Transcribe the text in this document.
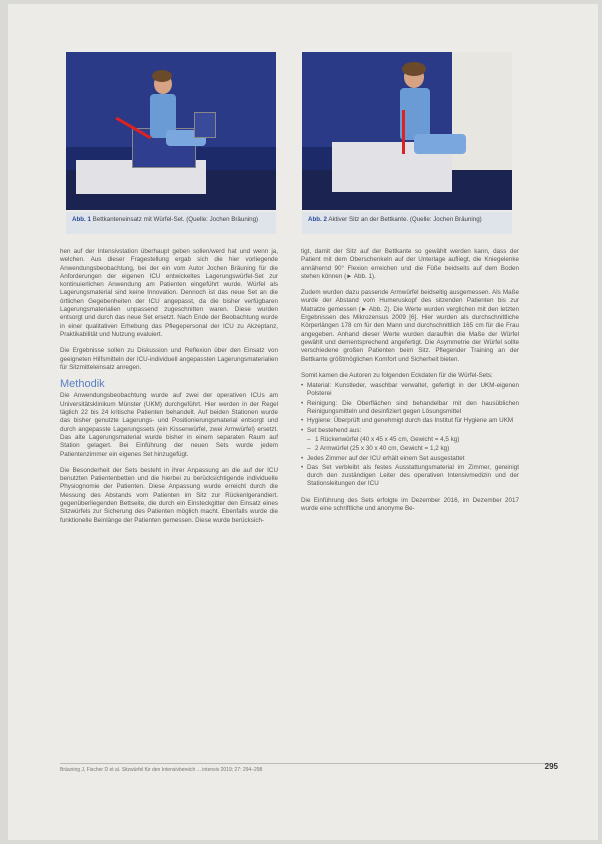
Abb. 1 Bettkanteneinsatz mit Würfel-Set. (Quelle: Jochen Bräuning)	Abb. 2 Aktiver Sitz an der Bettkante. (Quelle: Jochen Bräuning)

hen auf der Intensivstation überhaupt geben sollen/werd hat und wenn ja, welchen. Aus dieser Fragestellung ergab sich die hier vorliegende Anwendungsbeobachtung, bei der ein vom Autor Jochen Bräuning für die Anforderungen der eigenen ICU entwickeltes Lagerungswürfel-Set zur kontinuierlichen Anwendung am Patienten eingeführt wurde. Würfel als Lagerungsmaterial sind keine Innovation. Dennoch ist das neue Set an die örtlichen Gegebenheiten der ICU angepasst, da die bisher verfügbaren Lagerungsmaterialien unpassend zugeschnitten waren. Diese wurden entsorgt und durch das neue Set ersetzt. Nach Ende der Beobachtung wurde in einer qualitativen Erhebung das Pflegepersonal der ICU zu Akzeptanz, Praktikabilität und Nutzung evaluiert.

Die Ergebnisse sollen zu Diskussion und Reflexion über den Einsatz von geeigneten Hilfsmitteln der ICU-individuell angepassten Lagerungsmaterialien für Sitzmitteleinsatz anregen.

Methodik

Die Anwendungsbeobachtung wurde auf zwei der operativen ICUs am Universitätsklinikum Münster (UKM) durchgeführt. Hier werden in der Regel täglich 22 bis 24 kritische Patienten behandelt. Auf beiden Stationen wurde das bisher genutzte Lagerungs- und Positionierungsmaterial entsorgt und durch angepasste Lagerungssets (ein Kissenwürfel, zwei Armwürfel) ersetzt. Das alte Lagerungsmaterial wurde bisher in einem separaten Raum auf Station gelagert. Bei Einführung der neuen Sets wurde jedem Patientenzimmer ein eigenes Set hinzugefügt.

Die Besonderheit der Sets besteht in ihrer Anpassung an die auf der ICU benutzten Patientenbetten und die hierbei zu berücksichtigende individuelle Physiognomie der Patienten. Diese Anpassung wurde erreicht durch die Messung des Abstands vom Patienten im Sitz zur Rückenlgerandiert. gegenüberliegenden Bettseite, die durch ein Einsteckgitter den Einsatz eines Sitzwürfels zur Sicherung des Patienten möglich macht. Ebenfalls wurde die funktionelle Beinlänge der Patienten gemessen. Diese wurde berücksich-

tigt, damit der Sitz auf der Bettkante so gewählt werden kann, dass der Patient mit dem Oberschenkeln auf der Unterlage aufliegt, die Kniegelenke annähernd 90° Flexion erreichen und die Füße beidseits auf dem Boden stehen können (► Abb. 1).

Zudem wurden dazu passende Armwürfel beidseitig ausgemessen. Als Maße wurde der Abstand vom Humeruskopf des sitzenden Patienten bis zur Matratze gemessen (► Abb. 2). Die Werte wurden verglichen mit den letzten Ergebnissen des Mikrozensus 2009 [6]. Hier wurden als durchschnittliche Körperlängen 178 cm für den Mann und durchschnittlich 165 cm für die Frau angegeben. Anhand dieser Werte wurden daraufhin die Maße der Würfel gewählt und dementsprechend angefertigt. Die Asymmetrie der Würfel sollte verschiedene großen Patienten beim Sitz. Pflegender Training an der Bettkante größtmöglichen Komfort und Sicherheit bieten.

Somit kamen die Autoren zu folgenden Eckdaten für die Würfel-Sets:

• Material: Kunstleder, waschbar verwaltet, gefertigt in der UKM-eigenen Polsterei
• Reinigung: Die Oberflächen sind behandelbar mit den hausüblichen Reinigungsmitteln und desinfiziert gegen Lösungsmittel
• Hygiene: Überprüft und genehmigt durch das Institut für Hygiene am UKM
• Set bestehend aus:
– 1 Rückenwürfel (40 x 45 x 45 cm, Gewicht = 4,5 kg)
– 2 Armwürfel (25 x 30 x 40 cm, Gewicht = 1,2 kg)
• Jedes Zimmer auf der ICU erhält einem Set ausgestattet
• Das Set verbleibt als festes Ausstattungsmaterial im Zimmer, gereinigt durch den zuständigen Leiter des operativen Intensivmedizin und der Stationsleitungen der ICU

Die Einführung des Sets erfolgte im Dezember 2016, im Dezember 2017 wurde eine schriftliche und anonyme Be-

Bräuning J, Fischer D et al. Sitzwürfel für den Intensivbereich ... intensiv 2019; 27: 294–298	295
